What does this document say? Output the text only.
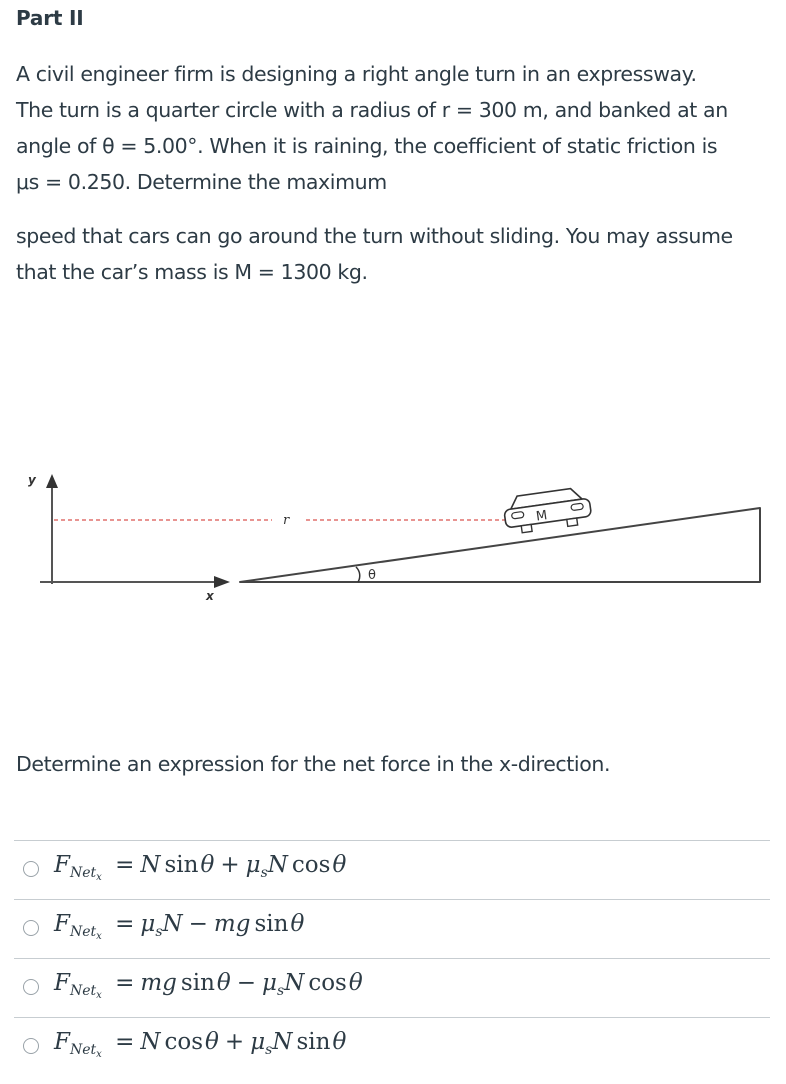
Part II
A civil engineer firm is designing a right angle turn in an expressway.
The turn is a quarter circle with a radius of r = 300 m, and banked at an
angle of θ = 5.00°. When it is raining, the coefficient of static friction is
μs = 0.250. Determine the maximum
speed that cars can go around the turn without sliding. You may assume
that the car’s mass is M = 1300 kg.
y
x
r
θ
M
Determine an expression for the net force in the x-direction.
$F_{Net_x} = N$ $\sin\theta + \mu_sN$ cosθ
$F_{Net_x} = \mu_sN$ − mg sinθ
$F_{Net_x}$ = mg $\sin\theta - \mu_sN$ cosθ
$F_{Net_x} = N$ $\cos\theta + \mu_sN$ sinθ
